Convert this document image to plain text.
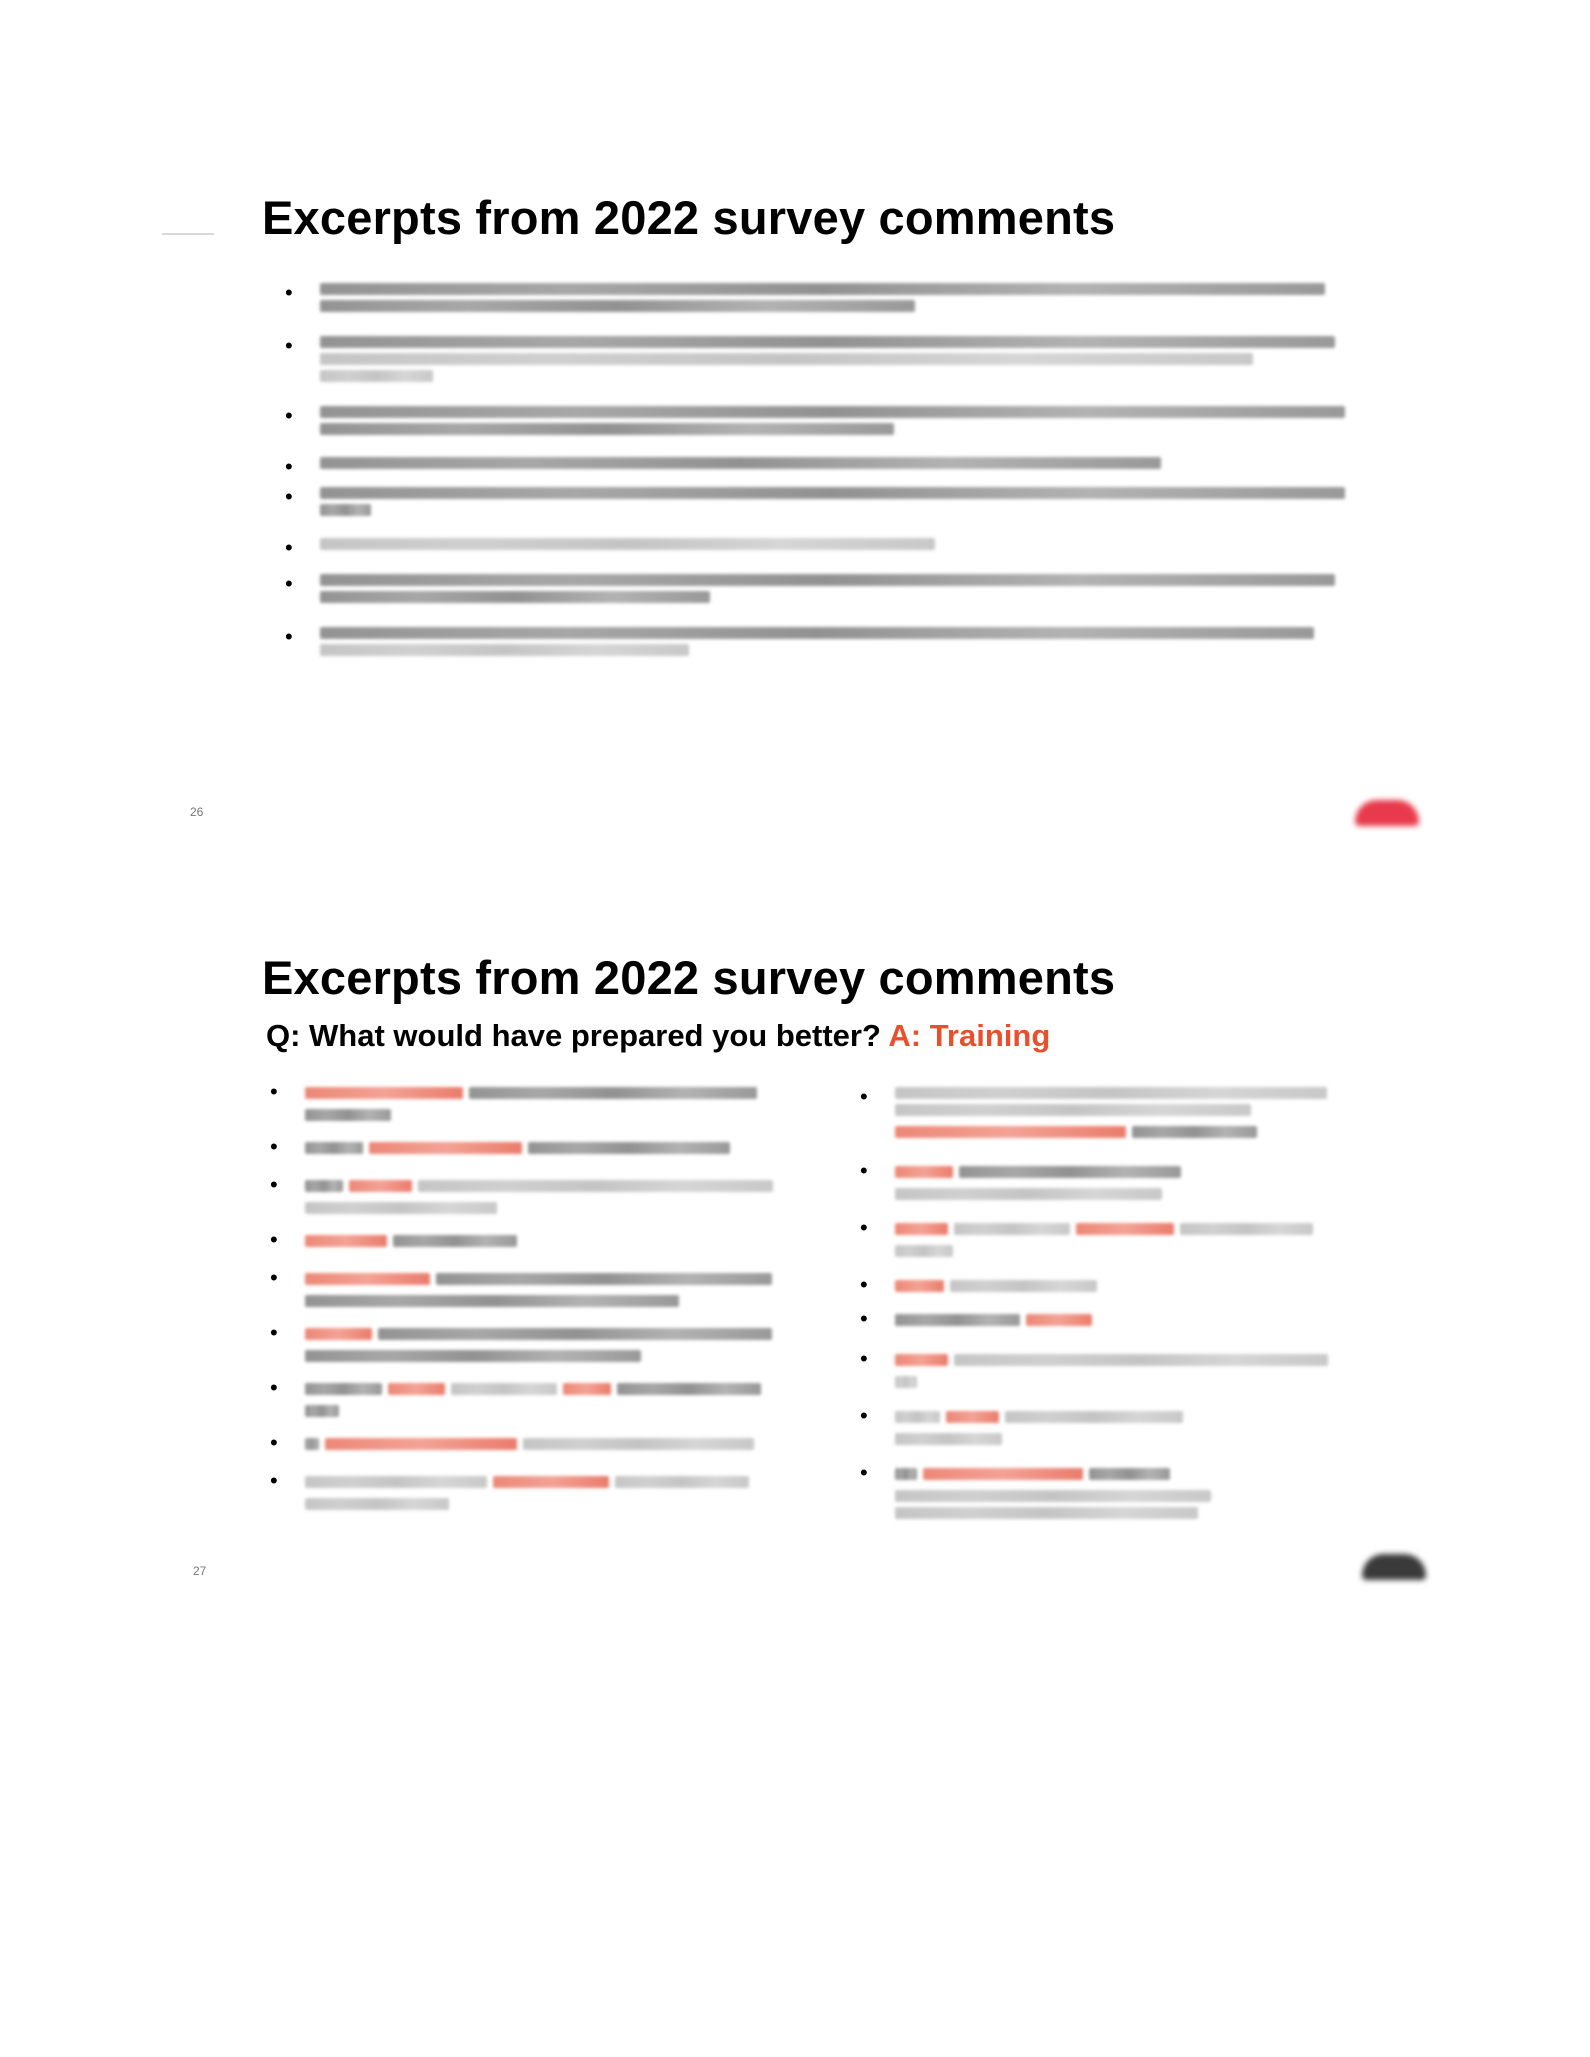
Excerpts from 2022 survey comments
•
•
•
•
•
•
•
•
26
Excerpts from 2022 survey comments
Q: What would have prepared you better? A: Training
•
•
•
•
•
•
•
•
•
•
•
•
•
•
•
•
•
27
